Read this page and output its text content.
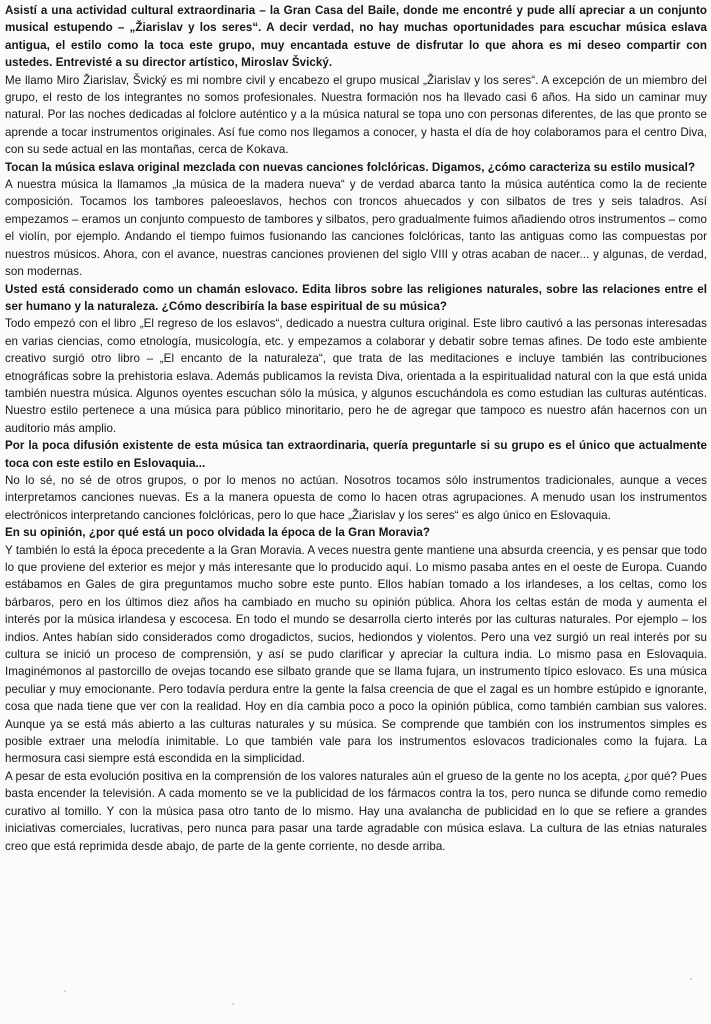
Asistí a una actividad cultural extraordinaria – la Gran Casa del Baile, donde me encontré y pude allí apreciar a un conjunto musical estupendo – „Žiarislav y los seres“. A decir verdad, no hay muchas oportunidades para escuchar música eslava antigua, el estilo como la toca este grupo, muy encantada estuve de disfrutar lo que ahora es mi deseo compartir con ustedes. Entrevisté a su director artístico, Miroslav Švický.

Me llamo Miro Žiarislav, Švický es mi nombre civil y encabezo el grupo musical „Žiarislav y los seres“. A excepción de un miembro del grupo, el resto de los integrantes no somos profesionales. Nuestra formación nos ha llevado casi 6 años. Ha sido un caminar muy natural. Por las noches dedicadas al folclore auténtico y a la música natural se topa uno con personas diferentes, de las que pronto se aprende a tocar instrumentos originales. Así fue como nos llegamos a conocer, y hasta el día de hoy colaboramos para el centro Diva, con su sede actual en las montañas, cerca de Kokava.

Tocan la música eslava original mezclada con nuevas canciones folclóricas. Digamos, ¿cómo caracteriza su estilo musical?

A nuestra música la llamamos „la música de la madera nueva“ y de verdad abarca tanto la música auténtica como la de reciente composición. Tocamos los tambores paleoeslavos, hechos con troncos ahuecados y con silbatos de tres y seis taladros. Así empezamos – eramos un conjunto compuesto de tambores y silbatos, pero gradualmente fuimos añadiendo otros instrumentos – como el violín, por ejemplo. Andando el tiempo fuimos fusionando las canciones folclóricas, tanto las antiguas como las compuestas por nuestros músicos. Ahora, con el avance, nuestras canciones provienen del siglo VIII y otras acaban de nacer... y algunas, de verdad, son modernas.

Usted está considerado como un chamán eslovaco. Edita libros sobre las religiones naturales, sobre las relaciones entre el ser humano y la naturaleza. ¿Cómo describiría la base espiritual de su música?

Todo empezó con el libro „El regreso de los eslavos“, dedicado a nuestra cultura original. Este libro cautivó a las personas interesadas en varias ciencias, como etnología, musicología, etc. y empezamos a colaborar y debatir sobre temas afines. De todo este ambiente creativo surgió otro libro – „El encanto de la naturaleza“, que trata de las meditaciones e incluye también las contribuciones etnográficas sobre la prehistoria eslava. Además publicamos la revista Diva, orientada a la espiritualidad natural con la que está unida también nuestra música. Algunos oyentes escuchan sólo la música, y algunos escuchándola es como estudian las culturas auténticas. Nuestro estilo pertenece a una música para público minoritario, pero he de agregar que tampoco es nuestro afán hacernos con un auditorio más amplio.

Por la poca difusión existente de esta música tan extraordinaria, quería preguntarle si su grupo es el único que actualmente toca con este estilo en Eslovaquia...

No lo sé, no sé de otros grupos, o por lo menos no actúan. Nosotros tocamos sólo instrumentos tradicionales, aunque a veces interpretamos canciones nuevas. Es a la manera opuesta de como lo hacen otras agrupaciones. A menudo usan los instrumentos electrónicos interpretando canciones folclóricas, pero lo que hace „Žiarislav y los seres“ es algo único en Eslovaquia.

En su opinión, ¿por qué está un poco olvidada la época de la Gran Moravia?

Y también lo está la época precedente a la Gran Moravia. A veces nuestra gente mantiene una absurda creencia, y es pensar que todo lo que proviene del exterior es mejor y más interesante que lo producido aquí. Lo mismo pasaba antes en el oeste de Europa. Cuando estábamos en Gales de gira preguntamos mucho sobre este punto. Ellos habían tomado a los irlandeses, a los celtas, como los bárbaros, pero en los últimos diez años ha cambiado en mucho su opinión pública. Ahora los celtas están de moda y aumenta el interés por la música irlandesa y escocesa. En todo el mundo se desarrolla cierto interés por las culturas naturales. Por ejemplo – los indios. Antes habían sido considerados como drogadictos, sucios, hediondos y violentos. Pero una vez surgió un real interés por su cultura se inició un proceso de comprensión, y así se pudo clarificar y apreciar la cultura india. Lo mismo pasa en Eslovaquia. Imaginémonos al pastorcillo de ovejas tocando ese silbato grande que se llama fujara, un instrumento típico eslovaco. Es una música peculiar y muy emocionante. Pero todavía perdura entre la gente la falsa creencia de que el zagal es un hombre estúpido e ignorante, cosa que nada tiene que ver con la realidad. Hoy en día cambia poco a poco la opinión pública, como también cambian sus valores. Aunque ya se está más abierto a las culturas naturales y su música. Se comprende que también con los instrumentos simples es posible extraer una melodía inimitable. Lo que también vale para los instrumentos eslovacos tradicionales como la fujara. La hermosura casi siempre está escondida en la simplicidad.

A pesar de esta evolución positiva en la comprensión de los valores naturales aún el grueso de la gente no los acepta, ¿por qué? Pues basta encender la televisión. A cada momento se ve la publicidad de los fármacos contra la tos, pero nunca se difunde como remedio curativo al tomillo. Y con la música pasa otro tanto de lo mismo. Hay una avalancha de publicidad en lo que se refiere a grandes iniciativas comerciales, lucrativas, pero nunca para pasar una tarde agradable con música eslava. La cultura de las etnias naturales creo que está reprimida desde abajo, de parte de la gente corriente, no desde arriba.
